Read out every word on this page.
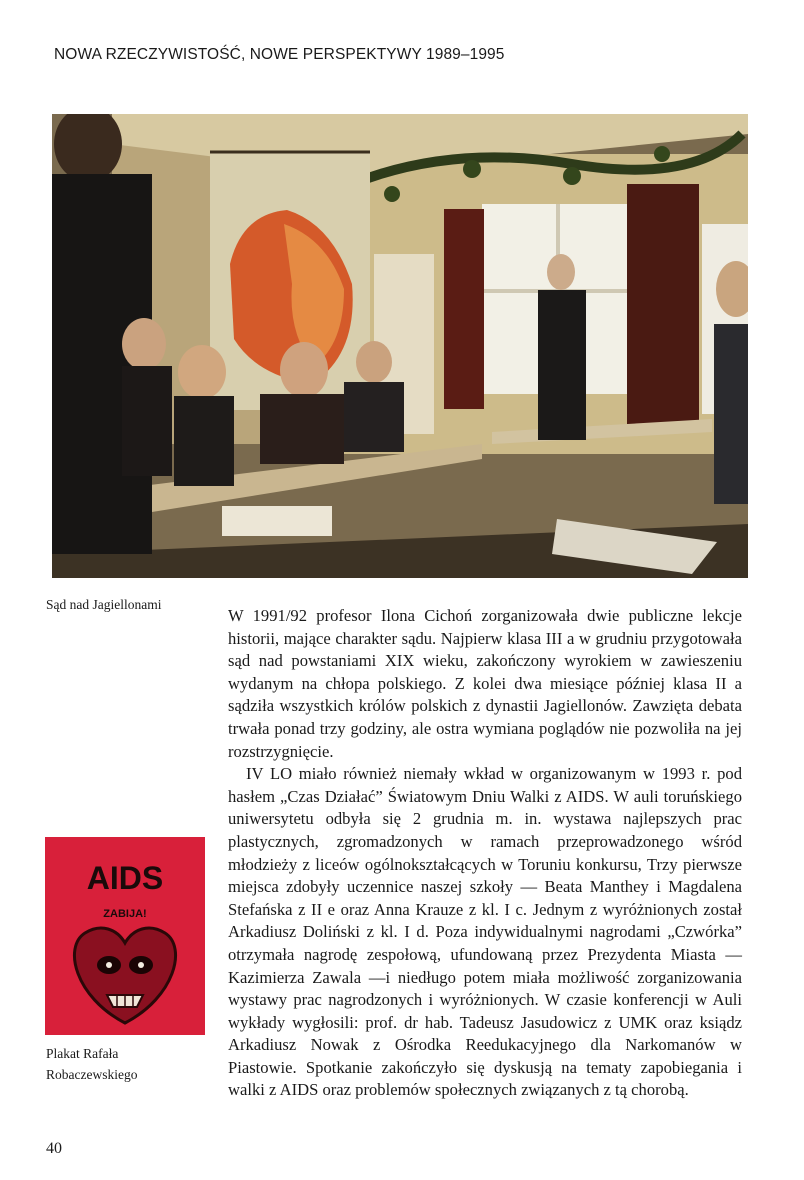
NOWA RZECZYWISTOŚĆ, NOWE PERSPEKTYWY 1989–1995
Sąd nad Jagiellonami
AIDS
ZABIJA!
Plakat Rafała Robaczewskiego

W 1991/92 profesor Ilona Cichoń zorganizowała dwie publiczne lekcje historii, mające charakter sądu. Najpierw klasa III a w grudniu przygotowała sąd nad powstaniami XIX wieku, zakończony wyrokiem w zawieszeniu wydanym na chłopa polskiego. Z kolei dwa miesiące później klasa II a sądziła wszystkich królów polskich z dynastii Jagiellonów. Zawzięta debata trwała ponad trzy godziny, ale ostra wymiana poglądów nie pozwoliła na jej rozstrzygnięcie.

IV LO miało również niemały wkład w organizowanym w 1993 r. pod hasłem „Czas Działać” Światowym Dniu Walki z AIDS. W auli toruńskiego uniwersytetu odbyła się 2 grudnia m. in. wystawa najlepszych prac plastycznych, zgromadzonych w ramach przeprowadzonego wśród młodzieży z liceów ogólnokształcących w Toruniu konkursu, Trzy pierwsze miejsca zdobyły uczennice naszej szkoły — Beata Manthey i Magdalena Stefańska z II e oraz Anna Krauze z kl. I c. Jednym z wyróżnionych został Arkadiusz Doliński z kl. I d. Poza indywidualnymi nagrodami „Czwórka” otrzymała nagrodę zespołową, ufundowaną przez Prezydenta Miasta — Kazimierza Zawala —i niedługo potem miała możliwość zorganizowania wystawy prac nagrodzonych i wyróżnionych. W czasie konferencji w Auli wykłady wygłosili: prof. dr hab. Tadeusz Jasudowicz z UMK oraz ksiądz Arkadiusz Nowak z Ośrodka Reedukacyjnego dla Narkomanów w Piastowie. Spotkanie zakończyło się dyskusją na tematy zapobiegania i walki z AIDS oraz problemów społecznych związanych z tą chorobą.

40
